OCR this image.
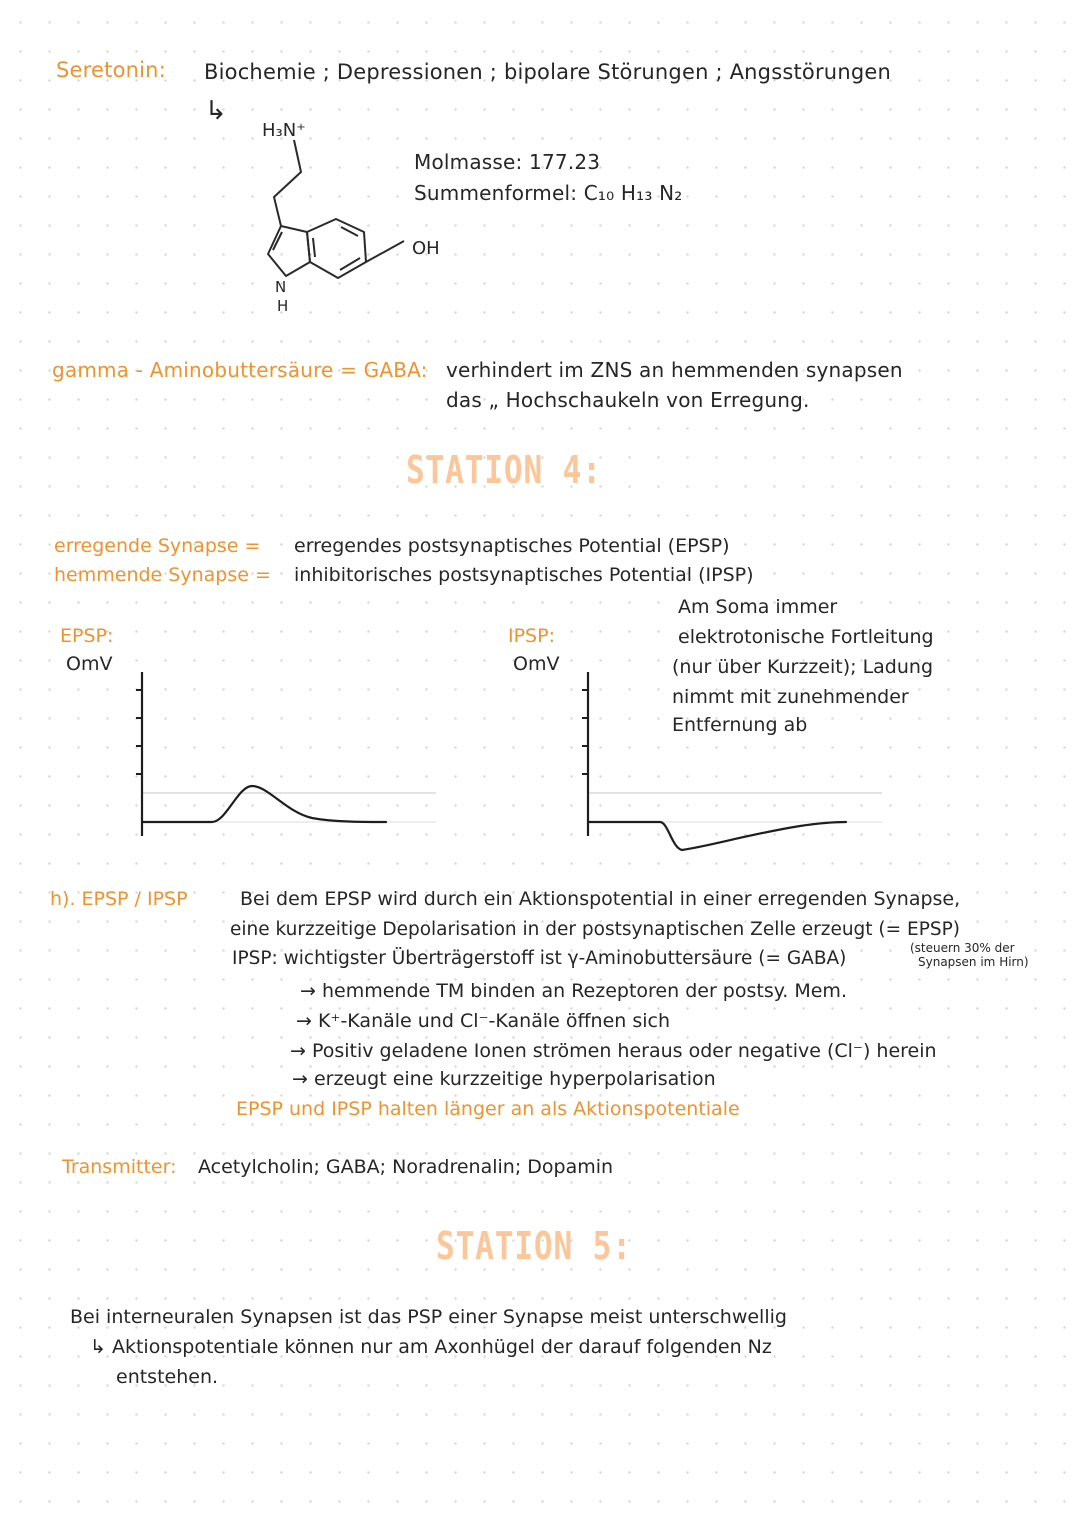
Seretonin: Biochemie ; Depressionen ; bipolare Störungen ; Angsstörungen
↳
H₃N⁺
N
H
OH
Molmasse: 177.23
Summenformel: C₁₀ H₁₃ N₂
gamma - Aminobuttersäure = GABA: verhindert im ZNS an hemmenden synapsen
das „ Hochschaukeln von Erregung.
STATION 4:
erregende Synapse = erregendes postsynaptisches Potential (EPSP)
hemmende Synapse = inhibitorisches postsynaptisches Potential (IPSP)
EPSP:
OmV
IPSP:
OmV
Am Soma immer
elektrotonische Fortleitung
(nur über Kurzzeit); Ladung
nimmt mit zunehmender
Entfernung ab
h). EPSP / IPSP	Bei dem EPSP wird durch ein Aktionspotential in einer erregenden Synapse,
eine kurzzeitige Depolarisation in der postsynaptischen Zelle erzeugt (= EPSP)
IPSP: wichtigster Überträgerstoff ist γ-Aminobuttersäure (= GABA)	(steuern 30% der
Synapsen im Hirn)
→ hemmende TM binden an Rezeptoren der postsy. Mem.
→ K⁺-Kanäle und Cl⁻-Kanäle öffnen sich
→ Positiv geladene Ionen strömen heraus oder negative (Cl⁻) herein
→ erzeugt eine kurzzeitige hyperpolarisation
EPSP und IPSP halten länger an als Aktionspotentiale
Transmitter: Acetylcholin; GABA; Noradrenalin; Dopamin
STATION 5:
Bei interneuralen Synapsen ist das PSP einer Synapse meist unterschwellig
↳ Aktionspotentiale können nur am Axonhügel der darauf folgenden Nz
entstehen.
